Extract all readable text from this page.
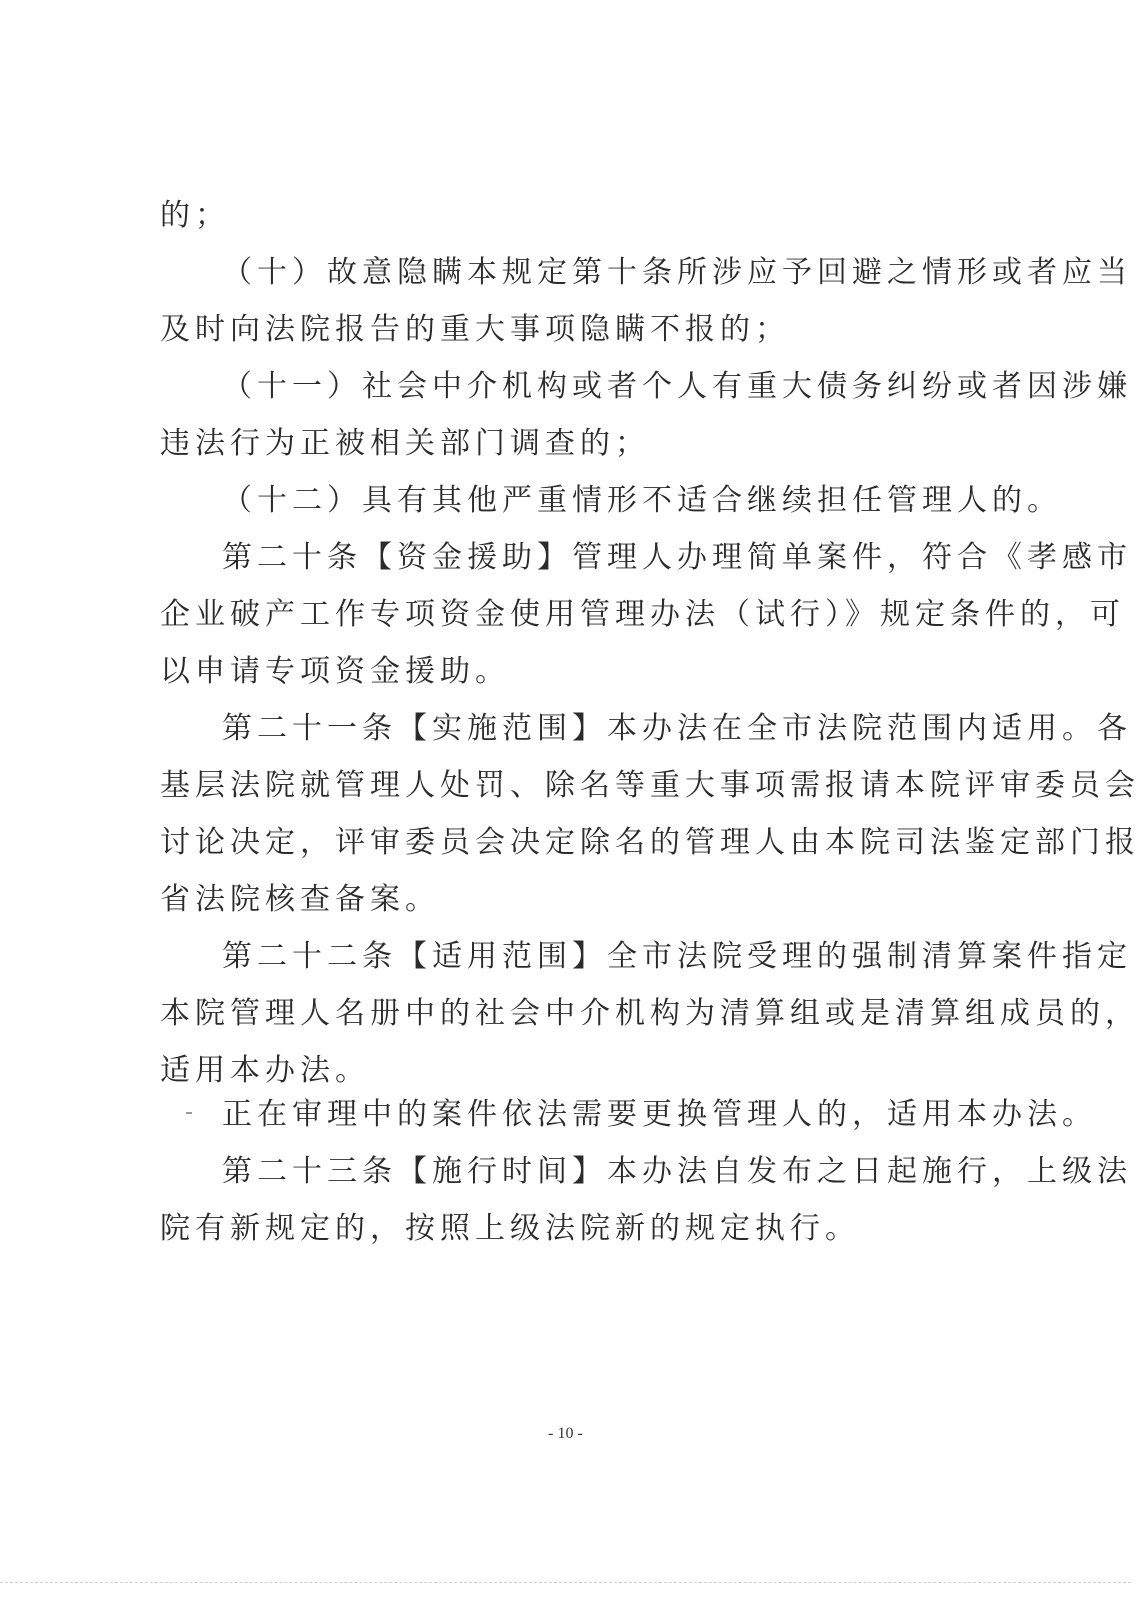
的；
（十）故意隐瞒本规定第十条所涉应予回避之情形或者应当
及时向法院报告的重大事项隐瞒不报的；
（十一）社会中介机构或者个人有重大债务纠纷或者因涉嫌
违法行为正被相关部门调查的；
（十二）具有其他严重情形不适合继续担任管理人的。
第二十条【资金援助】管理人办理简单案件，符合《孝感市
企业破产工作专项资金使用管理办法（试行）》规定条件的，可
以申请专项资金援助。
第二十一条【实施范围】本办法在全市法院范围内适用。各
基层法院就管理人处罚、除名等重大事项需报请本院评审委员会
讨论决定，评审委员会决定除名的管理人由本院司法鉴定部门报
省法院核查备案。
第二十二条【适用范围】全市法院受理的强制清算案件指定
本院管理人名册中的社会中介机构为清算组或是清算组成员的，
适用本办法。
正在审理中的案件依法需要更换管理人的，适用本办法。
第二十三条【施行时间】本办法自发布之日起施行，上级法
院有新规定的，按照上级法院新的规定执行。
- 10 -
